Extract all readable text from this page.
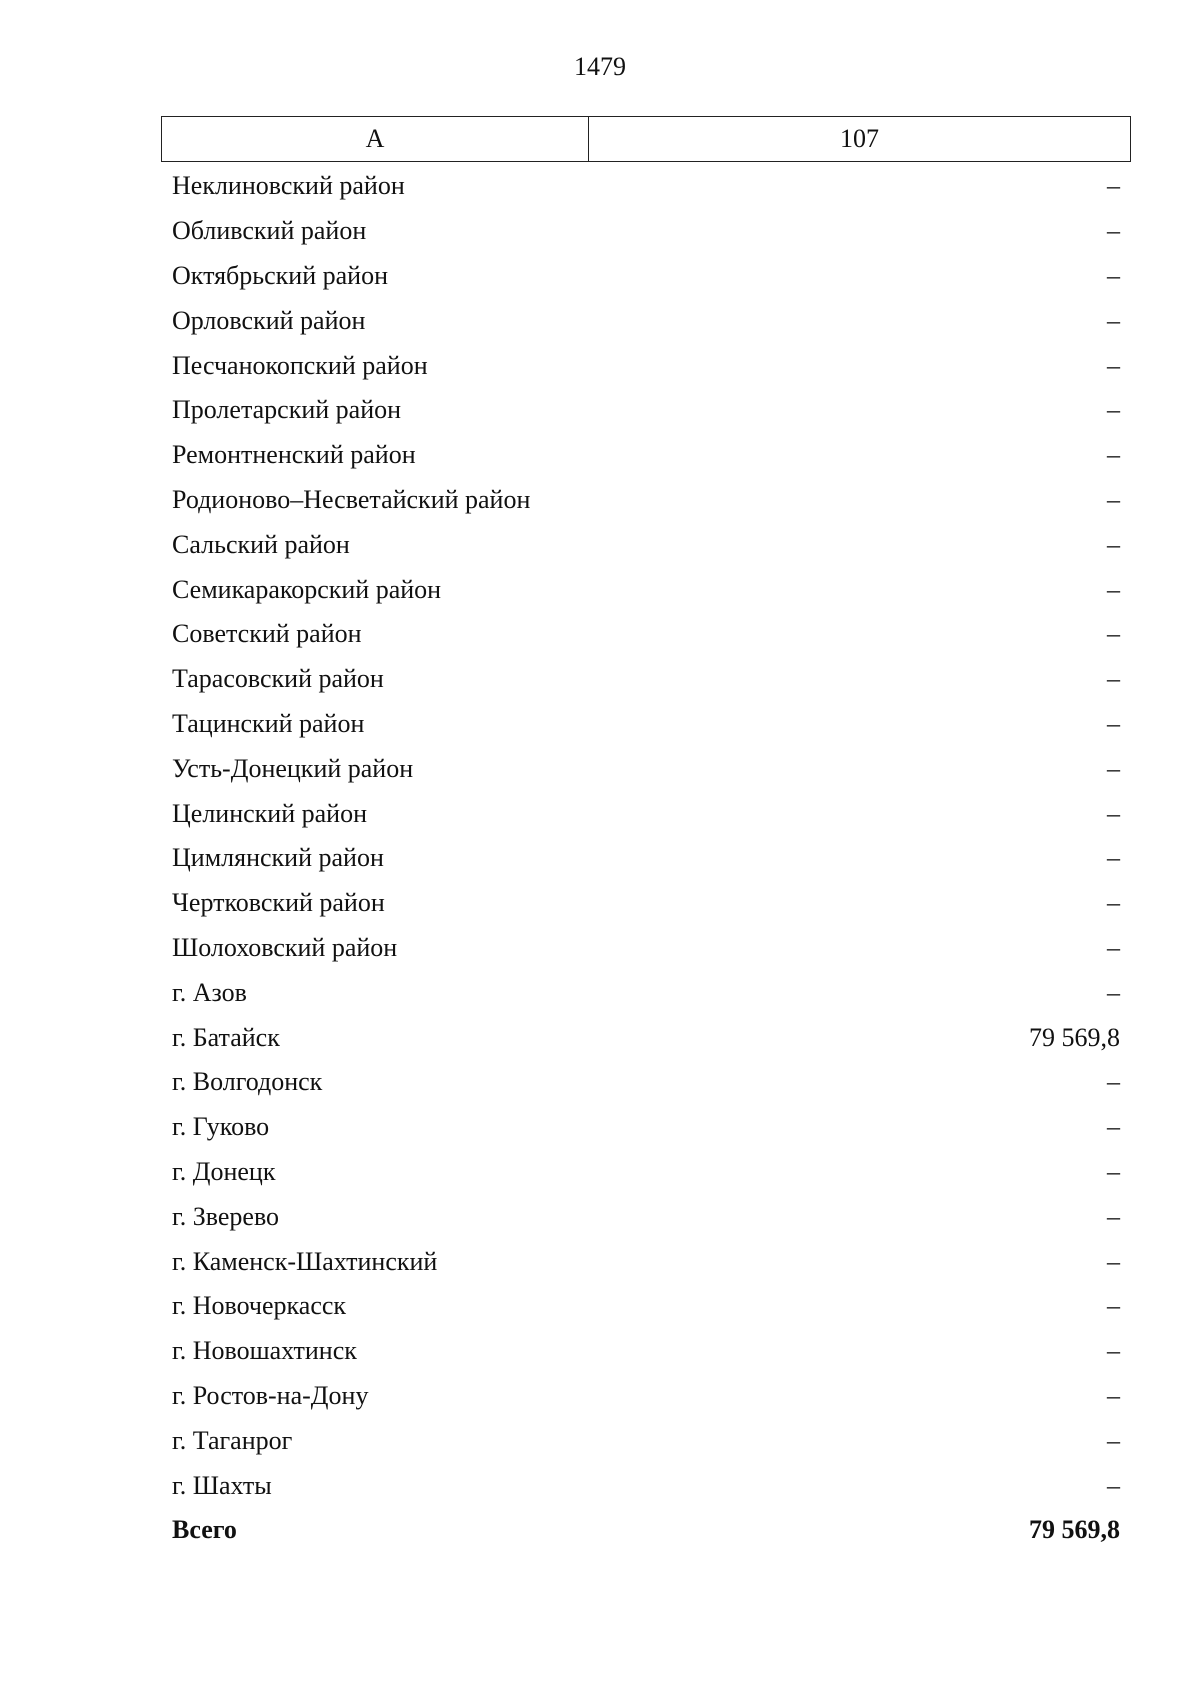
1479
А	107
Неклиновский район	–
Обливский район	–
Октябрьский район	–
Орловский район	–
Песчанокопский район	–
Пролетарский район	–
Ремонтненский район	–
Родионово–Несветайский район	–
Сальский район	–
Семикаракорский район	–
Советский район	–
Тарасовский район	–
Тацинский район	–
Усть-Донецкий район	–
Целинский район	–
Цимлянский район	–
Чертковский район	–
Шолоховский район	–
г. Азов	–
г. Батайск	79 569,8
г. Волгодонск	–
г. Гуково	–
г. Донецк	–
г. Зверево	–
г. Каменск-Шахтинский	–
г. Новочеркасск	–
г. Новошахтинск	–
г. Ростов-на-Дону	–
г. Таганрог	–
г. Шахты	–
Всего	79 569,8
